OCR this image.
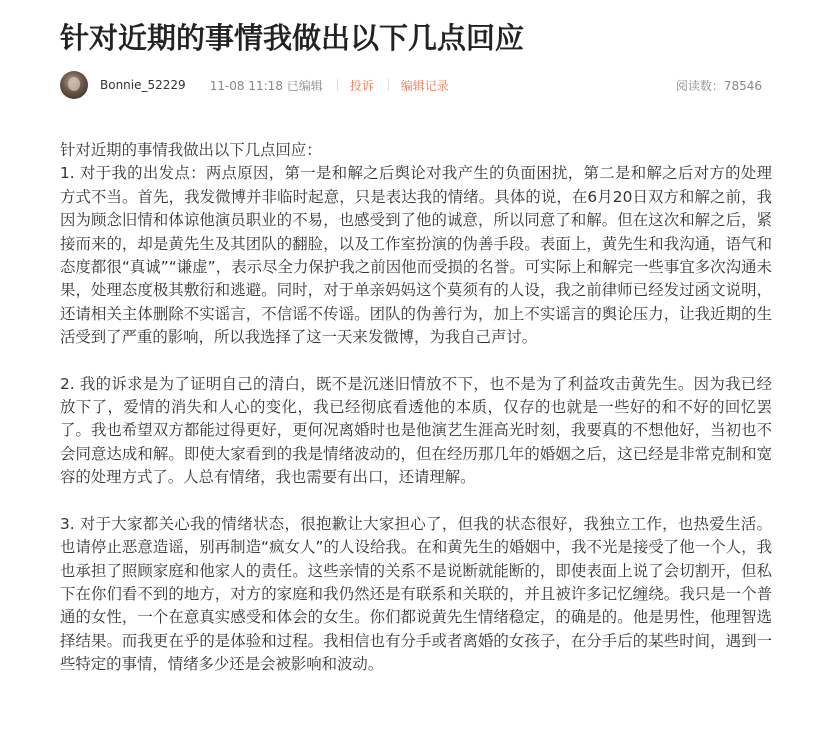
针对近期的事情我做出以下几点回应
Bonnie_52229 11-08 11:18 已编辑 投诉 编辑记录	阅读数：78546

针对近期的事情我做出以下几点回应：

1. 对于我的出发点：两点原因，第一是和解之后舆论对我产生的负面困扰，第二是和解之后对方的处理方式不当。首先，我发微博并非临时起意，只是表达我的情绪。具体的说，在6月20日双方和解之前，我因为顾念旧情和体谅他演员职业的不易，也感受到了他的诚意，所以同意了和解。但在这次和解之后，紧接而来的，却是黄先生及其团队的翻脸，以及工作室扮演的伪善手段。表面上，黄先生和我沟通，语气和态度都很“真诚”“谦虚”，表示尽全力保护我之前因他而受损的名誉。可实际上和解完一些事宜多次沟通未果，处理态度极其敷衍和逃避。同时，对于单亲妈妈这个莫须有的人设，我之前律师已经发过函文说明，还请相关主体删除不实谣言，不信谣不传谣。团队的伪善行为，加上不实谣言的舆论压力，让我近期的生活受到了严重的影响，所以我选择了这一天来发微博，为我自己声讨。

2. 我的诉求是为了证明自己的清白，既不是沉迷旧情放不下，也不是为了利益攻击黄先生。因为我已经放下了，爱情的消失和人心的变化，我已经彻底看透他的本质，仅存的也就是一些好的和不好的回忆罢了。我也希望双方都能过得更好，更何况离婚时也是他演艺生涯高光时刻，我要真的不想他好，当初也不会同意达成和解。即使大家看到的我是情绪波动的，但在经历那几年的婚姻之后，这已经是非常克制和宽容的处理方式了。人总有情绪，我也需要有出口，还请理解。

3. 对于大家都关心我的情绪状态，很抱歉让大家担心了，但我的状态很好，我独立工作，也热爱生活。也请停止恶意造谣，别再制造“疯女人”的人设给我。在和黄先生的婚姻中，我不光是接受了他一个人，我也承担了照顾家庭和他家人的责任。这些亲情的关系不是说断就能断的，即使表面上说了会切割开，但私下在你们看不到的地方，对方的家庭和我仍然还是有联系和关联的，并且被许多记忆缠绕。我只是一个普通的女性，一个在意真实感受和体会的女生。你们都说黄先生情绪稳定，的确是的。他是男性，他理智选择结果。而我更在乎的是体验和过程。我相信也有分手或者离婚的女孩子，在分手后的某些时间，遇到一些特定的事情，情绪多少还是会被影响和波动。
